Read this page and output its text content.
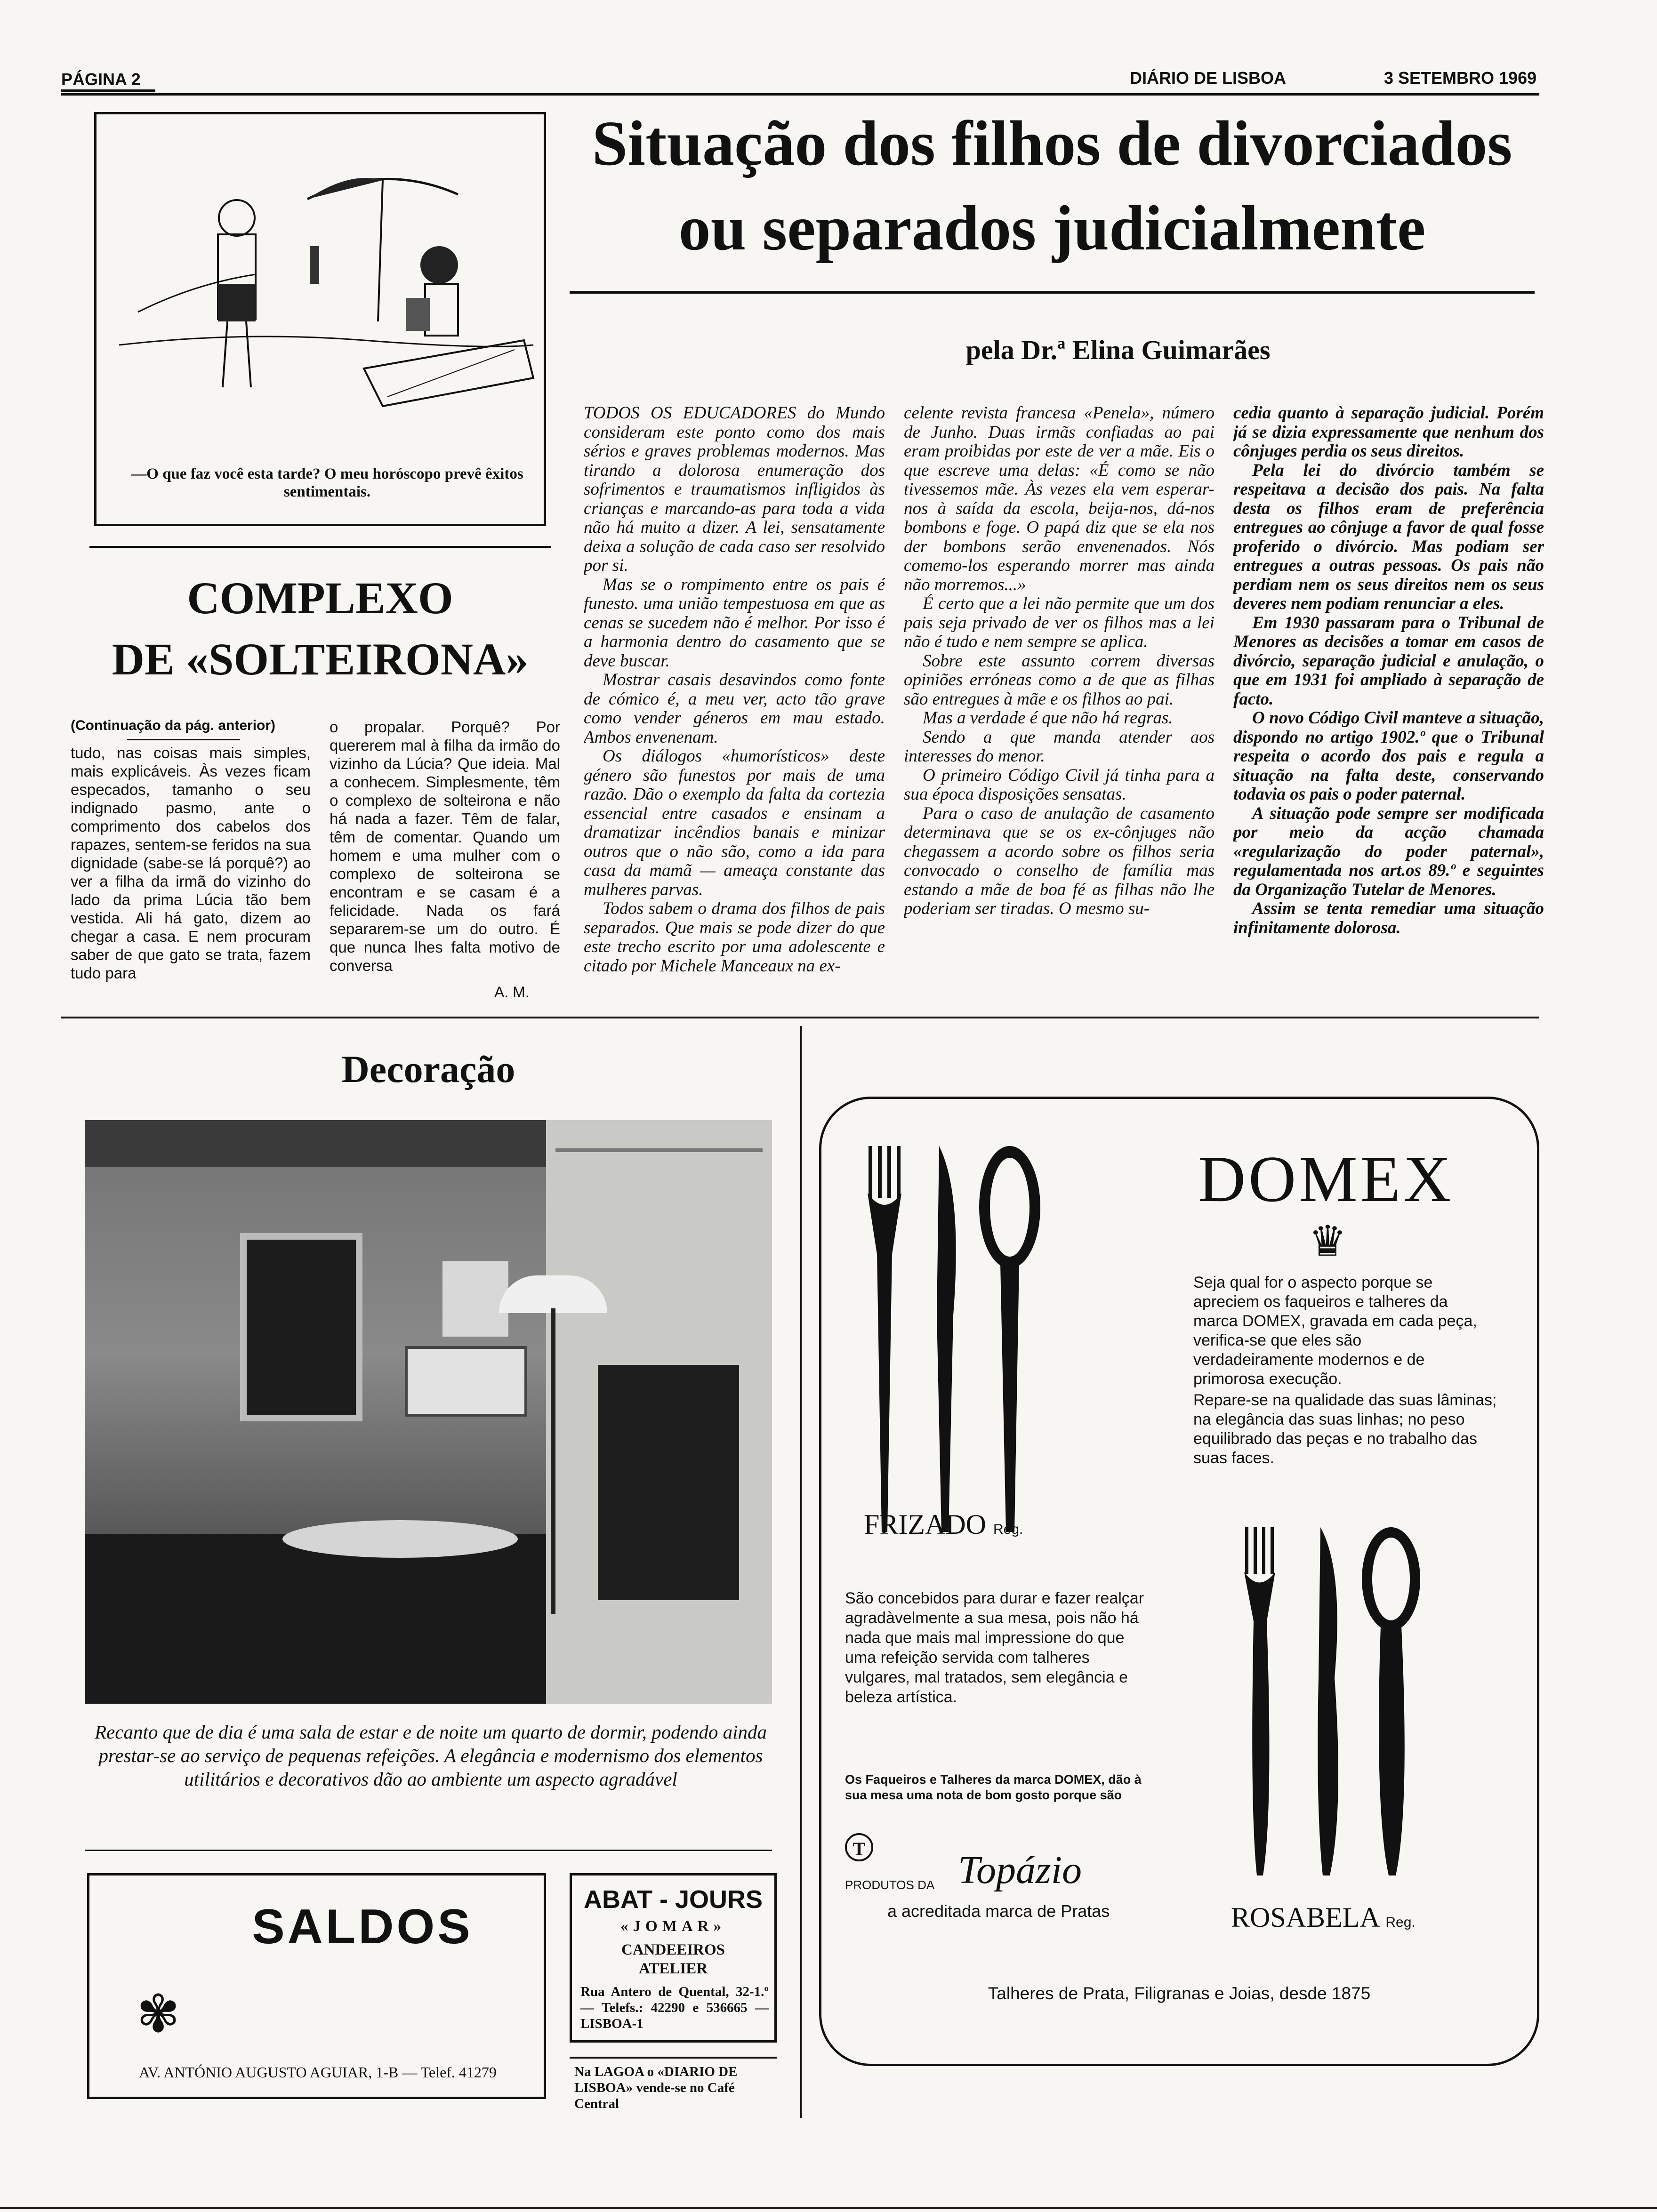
PÁGINA 2	DIÁRIO DE LISBOA	3 SETEMBRO 1969
—O que faz você esta tarde? O meu horóscopo prevê êxitos sentimentais.
COMPLEXO
DE «SOLTEIRONA»
(Continuação da pág. anterior)
tudo, nas coisas mais simples, mais explicáveis. Às vezes ficam especados, tamanho o seu indignado pasmo, ante o comprimento dos cabelos dos rapazes, sentem-se feridos na sua dignidade (sabe-se lá porquê?) ao ver a filha da irmã do vizinho do lado da prima Lúcia tão bem vestida. Ali há gato, dizem ao chegar a casa. E nem procuram saber de que gato se trata, fazem tudo para
o propalar. Porquê? Por quererem mal à filha da irmão do vizinho da Lúcia? Que ideia. Mal a conhecem. Simplesmente, têm o complexo de solteirona e não há nada a fazer. Têm de falar, têm de comentar. Quando um homem e uma mulher com o complexo de solteirona se encontram e se casam é a felicidade. Nada os fará separarem-se um do outro. É que nunca lhes falta motivo de conversa
A. M.
Situação dos filhos de divorciados
ou separados judicialmente
pela Dr.ª Elina Guimarães

TODOS OS EDUCADORES do Mundo consideram este ponto como dos mais sérios e graves problemas modernos. Mas tirando a dolorosa enumeração dos sofrimentos e traumatismos infligidos às crianças e marcando-as para toda a vida não há muito a dizer. A lei, sensatamente deixa a solução de cada caso ser resolvido por si.

Mas se o rompimento entre os pais é funesto. uma união tempestuosa em que as cenas se sucedem não é melhor. Por isso é a harmonia dentro do casamento que se deve buscar.

Mostrar casais desavindos como fonte de cómico é, a meu ver, acto tão grave como vender géneros em mau estado. Ambos envenenam.

Os diálogos «humorísticos» deste género são funestos por mais de uma razão. Dão o exemplo da falta da cortezia essencial entre casados e ensinam a dramatizar incêndios banais e minizar outros que o não são, como a ida para casa da mamã — ameaça constante das mulheres parvas.

Todos sabem o drama dos filhos de pais separados. Que mais se pode dizer do que este trecho escrito por uma adolescente e citado por Michele Manceaux na ex-

celente revista francesa «Penela», número de Junho. Duas irmãs confiadas ao pai eram proibidas por este de ver a mãe. Eis o que escreve uma delas: «É como se não tivessemos mãe. Às vezes ela vem esperar-nos à saída da escola, beija-nos, dá-nos bombons e foge. O papá diz que se ela nos der bombons serão envenenados. Nós comemo-los esperando morrer mas ainda não morremos...»

É certo que a lei não permite que um dos pais seja privado de ver os filhos mas a lei não é tudo e nem sempre se aplica.

Sobre este assunto correm diversas opiniões erróneas como a de que as filhas são entregues à mãe e os filhos ao pai.

Mas a verdade é que não há regras.

Sendo a que manda atender aos interesses do menor.

O primeiro Código Civil já tinha para a sua época disposições sensatas.

Para o caso de anulação de casamento determinava que se os ex-cônjuges não chegassem a acordo sobre os filhos seria convocado o conselho de família mas estando a mãe de boa fé as filhas não lhe poderiam ser tiradas. O mesmo su-

cedia quanto à separação judicial. Porém já se dizia expressamente que nenhum dos cônjuges perdia os seus direitos.

Pela lei do divórcio também se respeitava a decisão dos pais. Na falta desta os filhos eram de preferência entregues ao cônjuge a favor de qual fosse proferido o divórcio. Mas podiam ser entregues a outras pessoas. Os pais não perdiam nem os seus direitos nem os seus deveres nem podiam renunciar a eles.

Em 1930 passaram para o Tribunal de Menores as decisões a tomar em casos de divórcio, separação judicial e anulação, o que em 1931 foi ampliado à separação de facto.

O novo Código Civil manteve a situação, dispondo no artigo 1902.º que o Tribunal respeita o acordo dos pais e regula a situação na falta deste, conservando todavia os pais o poder paternal.

A situação pode sempre ser modificada por meio da acção chamada «regularização do poder paternal», regulamentada nos art.os 89.º e seguintes da Organização Tutelar de Menores.

Assim se tenta remediar uma situação infinitamente dolorosa.

Decoração
Recanto que de dia é uma sala de estar e de noite um quarto de dormir, podendo ainda prestar-se ao serviço de pequenas refeições. A elegância e modernismo dos elementos utilitários e decorativos dão ao ambiente um aspecto agradável
SALDOS
✾
AV. ANTÓNIO AUGUSTO AGUIAR, 1-B — Telef. 41279
ABAT - JOURS
«JOMAR»
CANDEEIROS
ATELIER
Rua Antero de Quental, 32-1.º — Telefs.: 42290 e 536665 — LISBOA-1
Na LAGOA o «DIARIO DE LISBOA» vende-se no Café Central
DOMEX
♛
Seja qual for o aspecto porque se apreciem os faqueiros e talheres da marca DOMEX, gravada em cada peça, verifica-se que eles são verdadeiramente modernos e de primorosa execução.
Repare-se na qualidade das suas lâminas; na elegância das suas linhas; no peso equilibrado das peças e no trabalho das suas faces.
FRIZADO Reg.
São concebidos para durar e fazer realçar agradàvelmente a sua mesa, pois não há nada que mais mal impressione do que uma refeição servida com talheres vulgares, mal tratados, sem elegância e beleza artística.
Os Faqueiros e Talheres da marca DOMEX, dão à sua mesa uma nota de bom gosto porque são
T
PRODUTOS DA Topázio
a acreditada marca de Pratas	ROSABELA Reg.
Talheres de Prata, Filigranas e Joias, desde 1875
